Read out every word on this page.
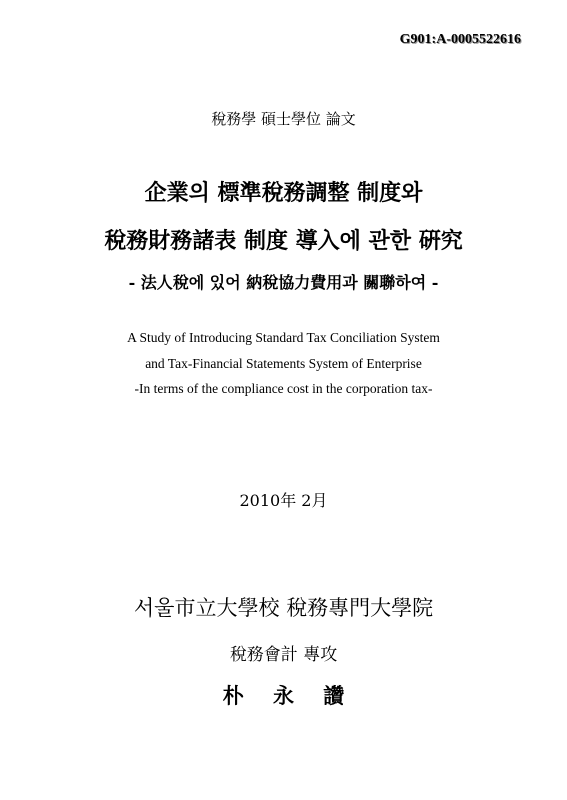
G901:A-0005522616
稅務學 碩士學位 論文
企業의 標準稅務調整 制度와
稅務財務諸表 制度 導入에 관한 硏究
- 法人稅에 있어 納稅協力費用과 關聯하여 -
A Study of Introducing Standard Tax Conciliation System
and Tax-Financial Statements System of Enterprise
-In terms of the compliance cost in the corporation tax-
2010年 2月
서울市立大學校 稅務專門大學院
稅務會計 專攻
朴    永    讚
